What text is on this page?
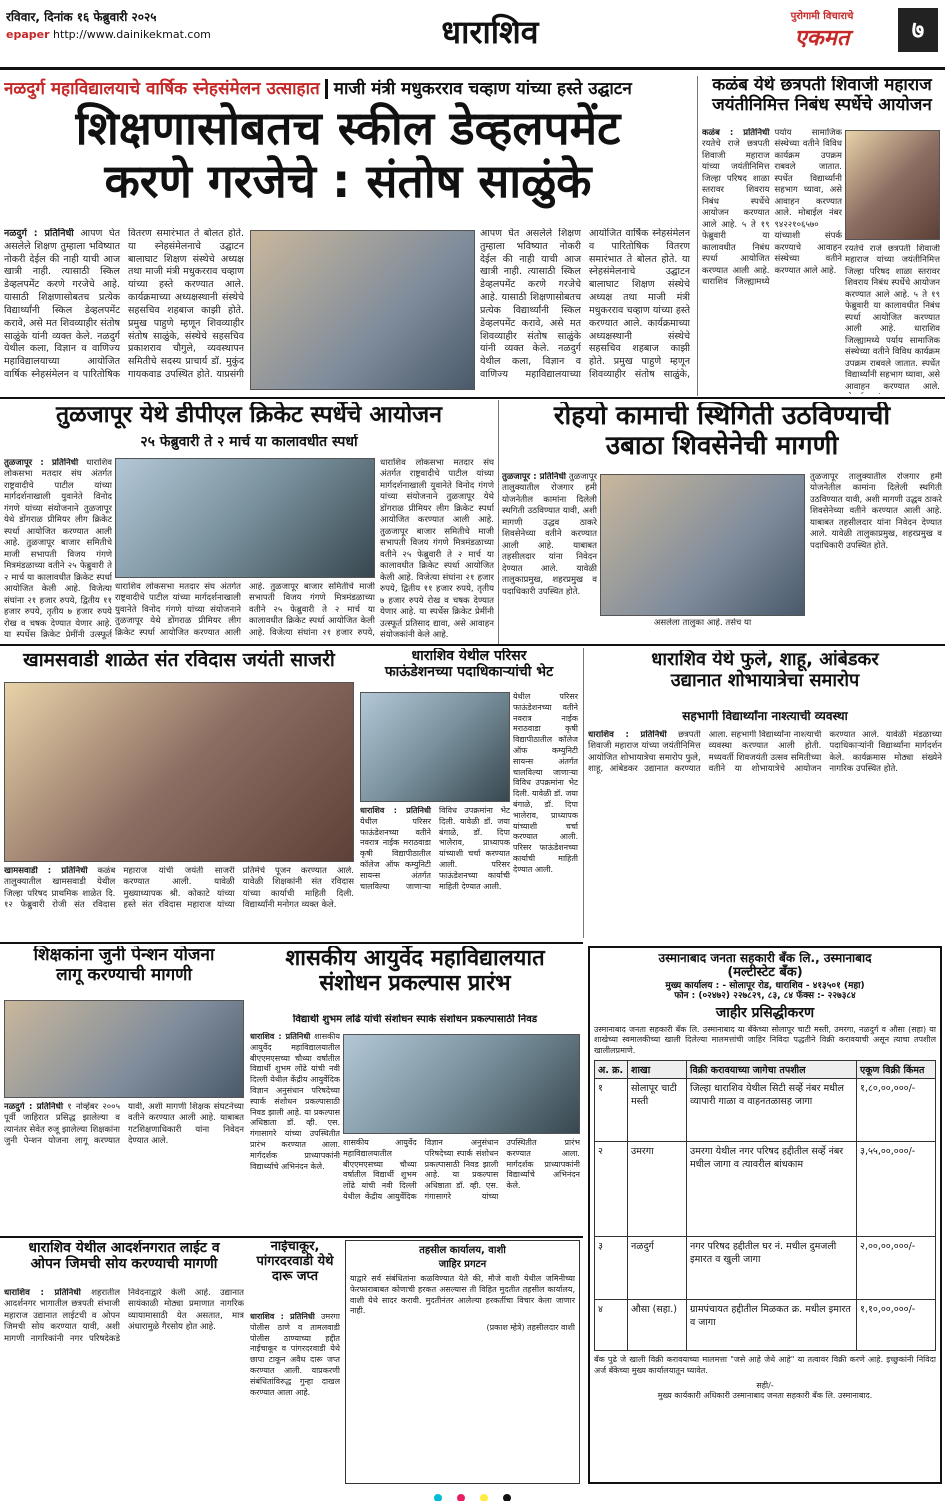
रविवार, दिनांक १६ फेब्रुवारी २०२५
epaper http://www.dainikekmat.com	धाराशिव	पुरोगामी विचाराचे
एकमत	७
नळदुर्ग महाविद्यालयाचे वार्षिक स्नेहसंमेलन उत्साहात माजी मंत्री मधुकरराव चव्हाण यांच्या हस्ते उद्घाटन
शिक्षणासोबतच स्कील डेव्हलपमेंट
करणे गरजेचे : संतोष साळुंके
नळदुर्ग : प्रतिनिधी आपण घेत असलेले शिक्षण तुम्हाला भविष्यात नोकरी देईल की नाही याची आज खात्री नाही. त्यासाठी स्किल डेव्हलपमेंट करणे गरजेचे आहे. यासाठी शिक्षणासोबतच प्रत्येक विद्यार्थ्यांनी स्किल डेव्हलपमेंट करावे, असे मत शिवव्याहीर संतोष साळुंके यांनी व्यक्त केले. नळदुर्ग येथील कला, विज्ञान व वाणिज्य महाविद्यालयाच्या आयोजित वार्षिक स्नेहसंमेलन व पारितोषिक वितरण समारंभात ते बोलत होते. या स्नेहसंमेलनाचे उद्घाटन बालाघाट शिक्षण संस्थेचे अध्यक्ष तथा माजी मंत्री मधुकरराव चव्हाण यांच्या हस्ते करण्यात आले. कार्यक्रमाच्या अध्यक्षस्थानी संस्थेचे सहसचिव शहबाज काझी होते. प्रमुख पाहुणे म्हणून शिवव्याहीर संतोष साळुंके, संस्थेचे सहसचिव प्रकाशराव चौगुले, व्यवस्थापन समितीचे सदस्य प्राचार्य डॉ. मुकुंद गायकवाड उपस्थित होते. याप्रसंगी
आपण घेत असलेले शिक्षण तुम्हाला भविष्यात नोकरी देईल की नाही याची आज खात्री नाही. त्यासाठी स्किल डेव्हलपमेंट करणे गरजेचे आहे. यासाठी शिक्षणासोबतच प्रत्येक विद्यार्थ्यांनी स्किल डेव्हलपमेंट करावे, असे मत शिवव्याहीर संतोष साळुंके यांनी व्यक्त केले. नळदुर्ग येथील कला, विज्ञान व वाणिज्य महाविद्यालयाच्या आयोजित वार्षिक स्नेहसंमेलन व पारितोषिक वितरण समारंभात ते बोलत होते. या स्नेहसंमेलनाचे उद्घाटन बालाघाट शिक्षण संस्थेचे अध्यक्ष तथा माजी मंत्री मधुकरराव चव्हाण यांच्या हस्ते करण्यात आले. कार्यक्रमाच्या अध्यक्षस्थानी संस्थेचे सहसचिव शहबाज काझी होते. प्रमुख पाहुणे म्हणून शिवव्याहीर संतोष साळुंके,
कळंब येथे छत्रपती शिवाजी महाराज
जयंतीनिमित्त निबंध स्पर्धेचे आयोजन
कळंब : प्रतिनिधी रयतेचे राजे छत्रपती शिवाजी महाराज यांच्या जयंतीनिमित्त जिल्हा परिषद शाळा स्तरावर शिवराय निबंध स्पर्धेचे आयोजन करण्यात आले आहे. ५ ते १९ फेब्रुवारी या कालावधीत निबंध स्पर्धा आयोजित करण्यात आली आहे. धाराशिव जिल्ह्यामध्ये पर्याय सामाजिक संस्थेच्या वतीने विविध कार्यक्रम उपक्रम राबवले जातात. स्पर्धेत विद्यार्थ्यांनी सहभाग घ्यावा, असे आवाहन करण्यात आले. मोबाईल नंबर ९४२२१०६५७० यांच्याशी संपर्क करण्याचे आवाहन संस्थेच्या वतीने करण्यात आले आहे.
रयतेचे राजे छत्रपती शिवाजी महाराज यांच्या जयंतीनिमित्त जिल्हा परिषद शाळा स्तरावर शिवराय निबंध स्पर्धेचे आयोजन करण्यात आले आहे. ५ ते १९ फेब्रुवारी या कालावधीत निबंध स्पर्धा आयोजित करण्यात आली आहे. धाराशिव जिल्ह्यामध्ये पर्याय सामाजिक संस्थेच्या वतीने विविध कार्यक्रम उपक्रम राबवले जातात. स्पर्धेत विद्यार्थ्यांनी सहभाग घ्यावा, असे आवाहन करण्यात आले.
तुळजापूर येथे डीपीएल क्रिकेट स्पर्धेचे आयोजन
२५ फेब्रुवारी ते २ मार्च या कालावधीत स्पर्धा
तुळजापूर : प्रतिनिधी धाराशिव लोकसभा मतदार संघ अंतर्गत राष्ट्रवादीचे पाटील यांच्या मार्गदर्शनाखाली युवानेते विनोद गंगणे यांच्या संयोजनाने तुळजापूर येथे डोंगराळ प्रीमियर लीग क्रिकेट स्पर्धा आयोजित करण्यात आली आहे. तुळजापूर बाजार समितीचे माजी सभापती विजय गंगणे मित्रमंडळाच्या वतीने २५ फेब्रुवारी ते २ मार्च या कालावधीत क्रिकेट स्पर्धा आयोजित केली आहे. विजेत्या संघांना २१ हजार रुपये, द्वितीय ११ हजार रुपये, तृतीय ७ हजार रुपये रोख व चषक देण्यात येणार आहे. या स्पर्धेस क्रिकेट प्रेमींनी उत्स्फूर्त
धाराशिव लोकसभा मतदार संघ अंतर्गत राष्ट्रवादीचे पाटील यांच्या मार्गदर्शनाखाली युवानेते विनोद गंगणे यांच्या संयोजनाने तुळजापूर येथे डोंगराळ प्रीमियर लीग क्रिकेट स्पर्धा आयोजित करण्यात आली आहे. तुळजापूर बाजार समितीचे माजी सभापती विजय गंगणे मित्रमंडळाच्या वतीने २५ फेब्रुवारी ते २ मार्च या कालावधीत क्रिकेट स्पर्धा आयोजित केली आहे. विजेत्या संघांना २१ हजार रुपये,
धाराशिव लोकसभा मतदार संघ अंतर्गत राष्ट्रवादीचे पाटील यांच्या मार्गदर्शनाखाली युवानेते विनोद गंगणे यांच्या संयोजनाने तुळजापूर येथे डोंगराळ प्रीमियर लीग क्रिकेट स्पर्धा आयोजित करण्यात आली आहे. तुळजापूर बाजार समितीचे माजी सभापती विजय गंगणे मित्रमंडळाच्या वतीने २५ फेब्रुवारी ते २ मार्च या कालावधीत क्रिकेट स्पर्धा आयोजित केली आहे. विजेत्या संघांना २१ हजार रुपये, द्वितीय ११ हजार रुपये, तृतीय ७ हजार रुपये रोख व चषक देण्यात येणार आहे. या स्पर्धेस क्रिकेट प्रेमींनी उत्स्फूर्त प्रतिसाद द्यावा, असे आवाहन संयोजकांनी केले आहे.
रोहयो कामाची स्थिगिती उठविण्याची
उबाठा शिवसेनेची मागणी
तुळजापूर : प्रतिनिधी तुळजापूर तालुक्यातील रोजगार हमी योजनेतील कामांना दिलेली स्थगिती उठविण्यात यावी, अशी मागणी उद्धव ठाकरे शिवसेनेच्या वतीने करण्यात आली आहे. याबाबत तहसीलदार यांना निवेदन देण्यात आले. यावेळी तालुकाप्रमुख, शहरप्रमुख व पदाधिकारी उपस्थित होते.
असलेला तालुका आहे. तसेच या
तुळजापूर तालुक्यातील रोजगार हमी योजनेतील कामांना दिलेली स्थगिती उठविण्यात यावी, अशी मागणी उद्धव ठाकरे शिवसेनेच्या वतीने करण्यात आली आहे. याबाबत तहसीलदार यांना निवेदन देण्यात आले. यावेळी तालुकाप्रमुख, शहरप्रमुख व पदाधिकारी उपस्थित होते.
खामसवाडी शाळेत संत रविदास जयंती साजरी
खामसवाडी : प्रतिनिधी कळंब तालुक्यातील खामसवाडी येथील जिल्हा परिषद प्राथमिक शाळेत दि. १२ फेब्रुवारी रोजी संत रविदास महाराज यांची जयंती साजरी करण्यात आली. यावेळी मुख्याध्यापक श्री. कोकाटे यांच्या हस्ते संत रविदास महाराज यांच्या प्रतिमेचे पूजन करण्यात आले. यावेळी शिक्षकांनी संत रविदास यांच्या कार्याची माहिती दिली. विद्यार्थ्यांनी मनोगत व्यक्त केले.
धाराशिव येथील परिसर
फाऊंडेशनच्या पदाधिकाऱ्यांची भेट
येथील परिसर फाऊंडेशनच्या वतीने नवरात्र नाईक मराठवाडा कृषी विद्यापीठातील कॉलेज ऑफ कम्युनिटी सायन्स अंतर्गत चालविल्या जाणाऱ्या विविध उपक्रमांना भेट दिली. यावेळी डॉ. जया बंगाळे, डॉ. दिपा भालेराव, प्राध्यापक यांच्याशी चर्चा करण्यात आली. परिसर फाऊंडेशनच्या कार्याची माहिती देण्यात आली.
धाराशिव : प्रतिनिधी येथील परिसर फाऊंडेशनच्या वतीने नवरात्र नाईक मराठवाडा कृषी विद्यापीठातील कॉलेज ऑफ कम्युनिटी सायन्स अंतर्गत चालविल्या जाणाऱ्या विविध उपक्रमांना भेट दिली. यावेळी डॉ. जया बंगाळे, डॉ. दिपा भालेराव, प्राध्यापक यांच्याशी चर्चा करण्यात आली. परिसर फाऊंडेशनच्या कार्याची माहिती देण्यात आली.
धाराशिव येथे फुले, शाहू, आंबेडकर
उद्यानात शोभायात्रेचा समारोप
सहभागी विद्यार्थ्यांना नाश्त्याची व्यवस्था
धाराशिव : प्रतिनिधी छत्रपती शिवाजी महाराज यांच्या जयंतीनिमित्त आयोजित शोभायात्रेचा समारोप फुले, शाहू, आंबेडकर उद्यानात करण्यात आला. सहभागी विद्यार्थ्यांना नाश्त्याची व्यवस्था करण्यात आली होती. मध्यवर्ती शिवजयंती उत्सव समितीच्या वतीने या शोभायात्रेचे आयोजन करण्यात आले. यावेळी मंडळाच्या पदाधिकाऱ्यांनी विद्यार्थ्यांना मार्गदर्शन केले. कार्यक्रमास मोठ्या संख्येने नागरिक उपस्थित होते.
शिक्षकांना जुनी पेन्शन योजना
लागू करण्याची मागणी
नळदुर्ग : प्रतिनिधी १ नोव्हेंबर २००५ पूर्वी जाहिरात प्रसिद्ध झालेल्या व त्यानंतर सेवेत रुजू झालेल्या शिक्षकांना जुनी पेन्शन योजना लागू करण्यात यावी, अशी मागणी शिक्षक संघटनेच्या वतीने करण्यात आली आहे. याबाबत गटशिक्षणाधिकारी यांना निवेदन देण्यात आले.
शासकीय आयुर्वेद महाविद्यालयात
संशोधन प्रकल्पास प्रारंभ
विद्यार्थी शुभम लोंढे यांची संशोधन स्पार्क संशोधन प्रकल्पासाठी निवड
धाराशिव : प्रतिनिधी शासकीय आयुर्वेद महाविद्यालयातील बीएएमएसच्या चौथ्या वर्षातील विद्यार्थी शुभम लोंढे यांची नवी दिल्ली येथील केंद्रीय आयुर्वेदिक विज्ञान अनुसंधान परिषदेच्या स्पार्क संशोधन प्रकल्पासाठी निवड झाली आहे. या प्रकल्पास अधिष्ठाता डॉ. व्ही. एस. गंगासागरे यांच्या उपस्थितीत प्रारंभ करण्यात आला. मार्गदर्शक प्राध्यापकांनी विद्यार्थ्याचे अभिनंदन केले.
शासकीय आयुर्वेद महाविद्यालयातील बीएएमएसच्या चौथ्या वर्षातील विद्यार्थी शुभम लोंढे यांची नवी दिल्ली येथील केंद्रीय आयुर्वेदिक विज्ञान अनुसंधान परिषदेच्या स्पार्क संशोधन प्रकल्पासाठी निवड झाली आहे. या प्रकल्पास अधिष्ठाता डॉ. व्ही. एस. गंगासागरे यांच्या उपस्थितीत प्रारंभ करण्यात आला. मार्गदर्शक प्राध्यापकांनी विद्यार्थ्याचे अभिनंदन केले.
धाराशिव येथील आदर्शनगरात लाईट व
ओपन जिमची सोय करण्याची मागणी
धाराशिव : प्रतिनिधी शहरातील आदर्शनगर भागातील छत्रपती संभाजी महाराज उद्यानात लाईटची व ओपन जिमची सोय करण्यात यावी, अशी मागणी नागरिकांनी नगर परिषदेकडे निवेदनाद्वारे केली आहे. उद्यानात सायंकाळी मोठ्या प्रमाणात नागरिक व्यायामासाठी येत असतात, मात्र अंधारामुळे गैरसोय होत आहे.
नाईचाकूर,
पांगरदरवाडी येथे
दारू जप्त
धाराशिव : प्रतिनिधी उमरगा पोलीस ठाणे व तामलवाडी पोलीस ठाण्याच्या हद्दीत नाईचाकूर व पांगरदरवाडी येथे छापा टाकून अवैध दारू जप्त करण्यात आली. याप्रकरणी संबंधितांविरुद्ध गुन्हा दाखल करण्यात आला आहे.
तहसील कार्यालय, वाशी
जाहिर प्रगटन
याद्वारे सर्व संबंधितांना कळविण्यात येते की, मौजे वाशी येथील जमिनीच्या फेरफाराबाबत कोणाची हरकत असल्यास ती विहित मुदतीत तहसील कार्यालय, वाशी येथे सादर करावी. मुदतीनंतर आलेल्या हरकतींचा विचार केला जाणार नाही.
(प्रकाश म्हेत्रे) तहसीलदार वाशी
उस्मानाबाद जनता सहकारी बँक लि., उस्मानाबाद
(मल्टीस्टेट बँक)
मुख्य कार्यालय : - सोलापूर रोड, धाराशिव - ४१३५०१ (महा)
फोन : (०२४७२) २२७८२९, ८३, ८४ फॅक्स :- २२७३८४
जाहीर प्रसिद्धीकरण
उस्मानाबाद जनता सहकारी बँक लि. उस्मानाबाद या बँकेच्या सोलापूर चाटी मस्ती, उमरगा, नळदुर्ग व औसा (सहा) या शाखेच्या स्वमालकीच्या खाली दिलेल्या मालमत्तांची जाहिर निविदा पद्धतीने विक्री करावयाची असून त्याचा तपशील खालीलप्रमाणे.
अ. क्र.	शाखा	विक्री करावयाच्या जागेचा तपशील	एकूण विक्री किंमत
१	सोलापूर चाटी मस्ती	जिल्हा धाराशिव येथील सिटी सर्व्हे नंबर मधील व्यापारी गाळा व वाहनतळासह जागा	१,८०,००,०००/-
२	उमरगा	उमरगा येथील नगर परिषद हद्दीतील सर्व्हे नंबर मधील जागा व त्यावरील बांधकाम	३,५५,००,०००/-
३	नळदुर्ग	नगर परिषद हद्दीतील घर नं. मधील दुमजली इमारत व खुली जागा	२,००,००,०००/-
४	औसा (सहा.)	ग्रामपंचायत हद्दीतील मिळकत क्र. मधील इमारत व जागा	१,१०,००,०००/-
बँक पुढे जे खाली विक्री करावयाच्या मालमत्ता "जसे आहे जेथे आहे" या तत्वावर विक्री करणे आहे. इच्छुकांनी निविदा अर्ज बँकेच्या मुख्य कार्यालयातून घ्यावेत.
सही/-
मुख्य कार्यकारी अधिकारी उस्मानाबाद जनता सहकारी बँक लि. उस्मानाबाद.
